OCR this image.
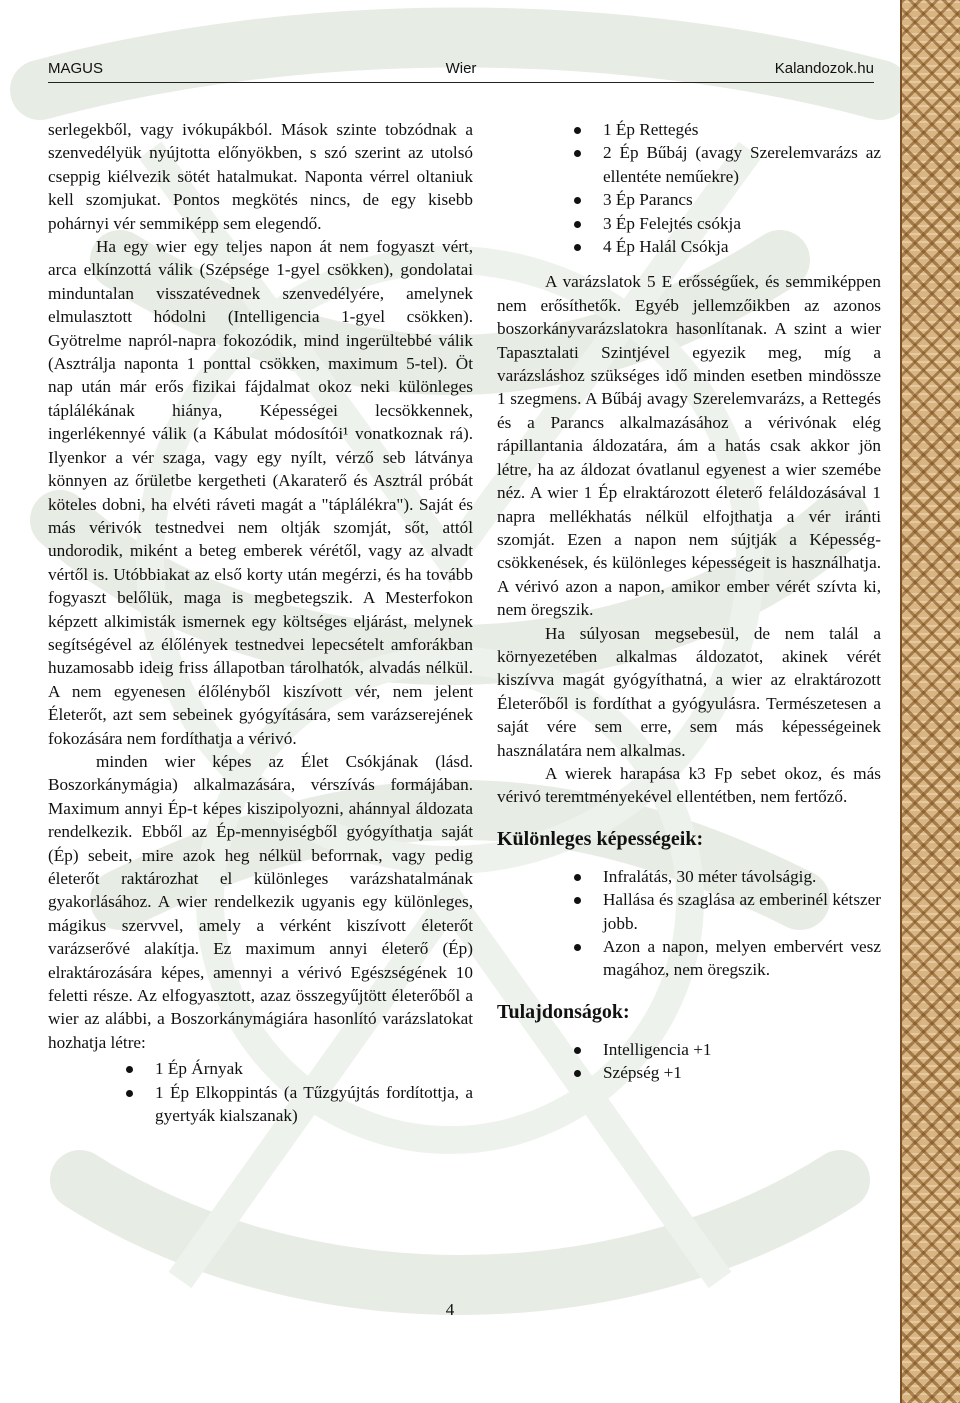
MAGUS	Wier	Kalandozok.hu

serlegekből, vagy ivókupákból. Mások szinte tobzódnak a szenvedélyük nyújtotta előnyökben, s szó szerint az utolsó cseppig kiélvezik sötét hatalmukat. Naponta vérrel oltaniuk kell szomjukat. Pontos megkötés nincs, de egy kisebb pohárnyi vér semmiképp sem elegendő.

Ha egy wier egy teljes napon át nem fogyaszt vért, arca elkínzottá válik (Szépsége 1-gyel csökken), gondolatai minduntalan visszatévednek szenvedélyére, amelynek elmulasztott hódolni (Intelligencia 1-gyel csökken). Gyötrelme napról-napra fokozódik, mind ingerültebbé válik (Asztrálja naponta 1 ponttal csökken, maximum 5-tel). Öt nap után már erős fizikai fájdalmat okoz neki különleges táplálékának hiánya, Képességei lecsökkennek, ingerlékennyé válik (a Kábulat módosítói¹ vonatkoznak rá). Ilyenkor a vér szaga, vagy egy nyílt, vérző seb látványa könnyen az őrületbe kergetheti (Akaraterő és Asztrál próbát köteles dobni, ha elvéti ráveti magát a "táplálékra"). Saját és más vérivók testnedvei nem oltják szomját, sőt, attól undorodik, miként a beteg emberek vérétől, vagy az alvadt vértől is. Utóbbiakat az első korty után megérzi, és ha tovább fogyaszt belőlük, maga is megbetegszik. A Mesterfokon képzett alkimisták ismernek egy költséges eljárást, melynek segítségével az élőlények testnedvei lepecsételt amforákban huzamosabb ideig friss állapotban tárolhatók, alvadás nélkül. A nem egyenesen élőlényből kiszívott vér, nem jelent Életerőt, azt sem sebeinek gyógyítására, sem varázserejének fokozására nem fordíthatja a vérivó.

minden wier képes az Élet Csókjának (lásd. Boszorkánymágia) alkalmazására, vérszívás formájában. Maximum annyi Ép-t képes kiszipolyozni, ahánnyal áldozata rendelkezik. Ebből az Ép-mennyiségből gyógyíthatja saját (Ép) sebeit, mire azok heg nélkül beforrnak, vagy pedig életerőt raktározhat el különleges varázshatalmának gyakorlásához. A wier rendelkezik ugyanis egy különleges, mágikus szervvel, amely a vérként kiszívott életerőt varázserővé alakítja. Ez maximum annyi életerő (Ép) elraktározására képes, amennyi a vérivó Egészségének 10 feletti része. Az elfogyasztott, azaz összegyűjtött életerőből a wier az alábbi, a Boszorkánymágiára hasonlító varázslatokat hozhatja létre:

1 Ép Árnyak
1 Ép Elkoppintás (a Tűzgyújtás fordítottja, a gyertyák kialszanak)
1 Ép Rettegés
2 Ép Bűbáj (avagy Szerelemvarázs az ellentéte neműekre)
3 Ép Parancs
3 Ép Felejtés csókja
4 Ép Halál Csókja

A varázslatok 5 E erősségűek, és semmiképpen nem erősíthetők. Egyéb jellemzőikben az azonos boszorkányvarázslatokra hasonlítanak. A szint a wier Tapasztalati Szintjével egyezik meg, míg a varázsláshoz szükséges idő minden esetben mindössze 1 szegmens. A Bűbáj avagy Szerelemvarázs, a Rettegés és a Parancs alkalmazásához a vérivónak elég rápillantania áldozatára, ám a hatás csak akkor jön létre, ha az áldozat óvatlanul egyenest a wier szemébe néz. A wier 1 Ép elraktározott életerő feláldozásával 1 napra mellékhatás nélkül elfojthatja a vér iránti szomját. Ezen a napon nem sújtják a Képesség-csökkenések, és különleges képességeit is használhatja. A vérivó azon a napon, amikor ember vérét szívta ki, nem öregszik.

Ha súlyosan megsebesül, de nem talál a környezetében alkalmas áldozatot, akinek vérét kiszívva magát gyógyíthatná, a wier az elraktározott Életerőből is fordíthat a gyógyulásra. Természetesen a saját vére sem erre, sem más képességeinek használatára nem alkalmas.

A wierek harapása k3 Fp sebet okoz, és más vérivó teremtményekével ellentétben, nem fertőző.

Különleges képességeik:
Infralátás, 30 méter távolságig.
Hallása és szaglása az emberinél kétszer jobb.
Azon a napon, melyen embervért vesz magához, nem öregszik.
Tulajdonságok:
Intelligencia +1
Szépség +1
4
